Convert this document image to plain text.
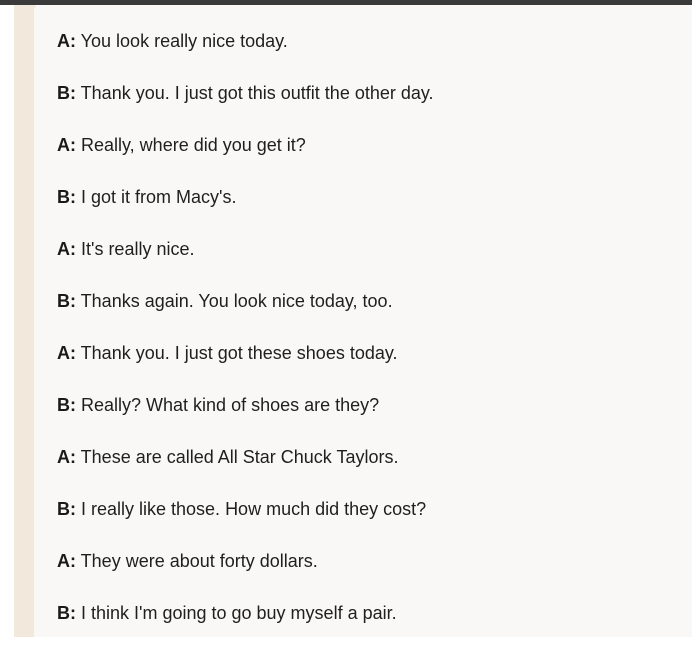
A: You look really nice today.
B: Thank you. I just got this outfit the other day.
A: Really, where did you get it?
B: I got it from Macy's.
A: It's really nice.
B: Thanks again. You look nice today, too.
A: Thank you. I just got these shoes today.
B: Really? What kind of shoes are they?
A: These are called All Star Chuck Taylors.
B: I really like those. How much did they cost?
A: They were about forty dollars.
B: I think I'm going to go buy myself a pair.
